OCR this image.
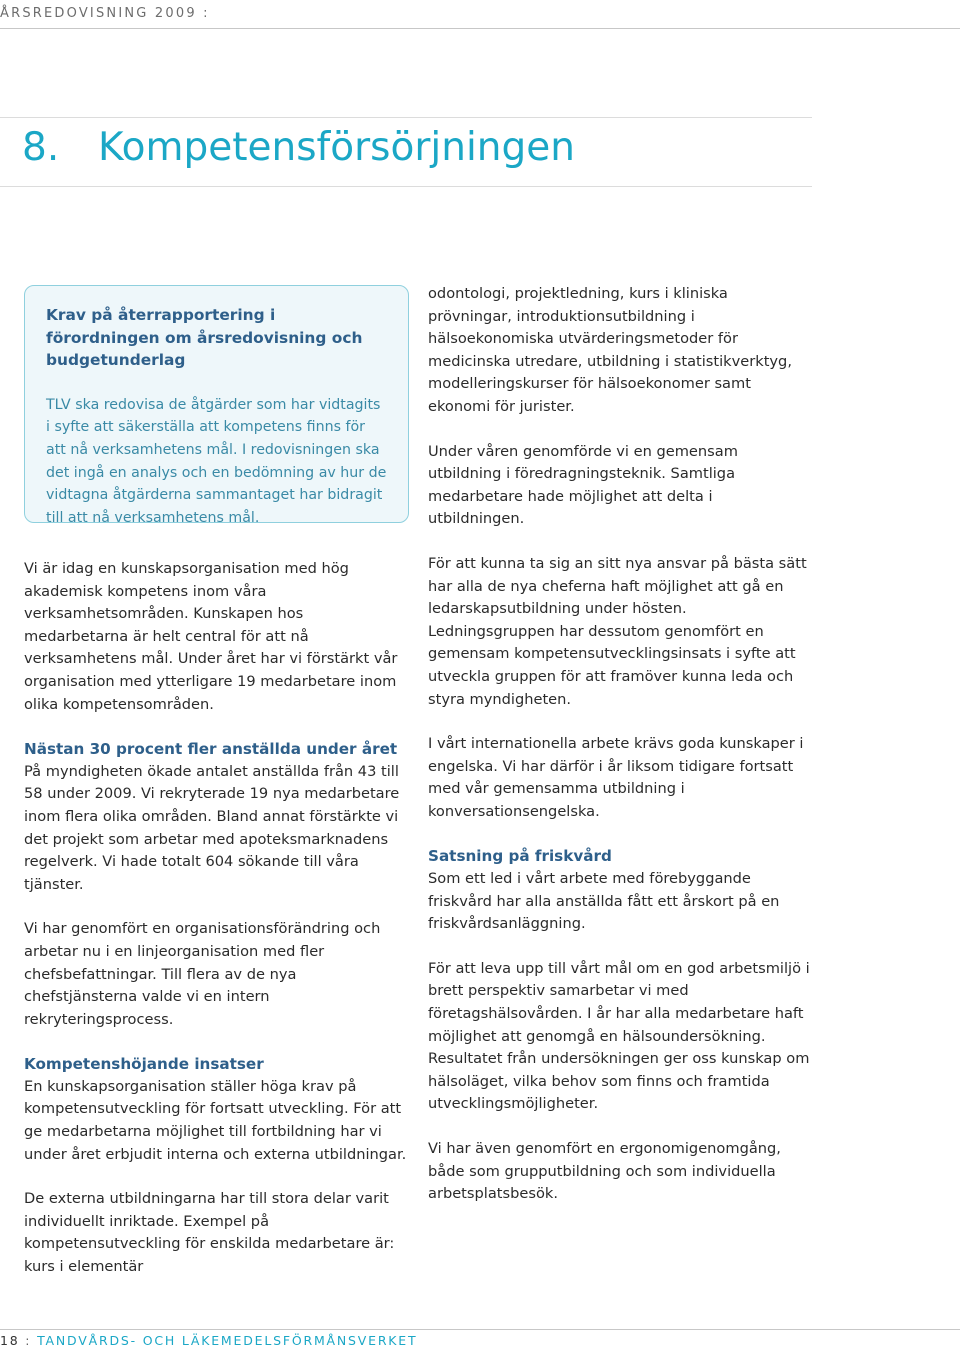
ÅRSREDOVISNING 2009 :
8. Kompetensförsörjningen
Krav på återrapportering i förordningen om årsredovisning och budgetunderlag

TLV ska redovisa de åtgärder som har vidtagits i syfte att säkerställa att kompetens finns för att nå verksamhetens mål. I redovisningen ska det ingå en analys och en bedömning av hur de vidtagna åtgärderna sammantaget har bidragit till att nå verksamhetens mål.

Vi är idag en kunskapsorganisation med hög akademisk kompetens inom våra verksamhetsområden. Kunskapen hos medarbetarna är helt central för att nå verksamhetens mål. Under året har vi förstärkt vår organisation med ytterligare 19 medarbetare inom olika kompetensområden.

Nästan 30 procent fler anställda under året

På myndigheten ökade antalet anställda från 43 till 58 under 2009. Vi rekryterade 19 nya medarbetare inom flera olika områden. Bland annat förstärkte vi det projekt som arbetar med apoteksmarknadens regelverk. Vi hade totalt 604 sökande till våra tjänster.

Vi har genomfört en organisationsförändring och arbetar nu i en linjeorganisation med fler chefsbefattningar. Till flera av de nya chefstjänsterna valde vi en intern rekryteringsprocess.

Kompetenshöjande insatser

En kunskapsorganisation ställer höga krav på kompetensutveckling för fortsatt utveckling. För att ge medarbetarna möjlighet till fortbildning har vi under året erbjudit interna och externa utbildningar.

De externa utbildningarna har till stora delar varit individuellt inriktade. Exempel på kompetensutveckling för enskilda medarbetare är: kurs i elementär

odontologi, projektledning, kurs i kliniska prövningar, introduktionsutbildning i hälsoekonomiska utvärderingsmetoder för medicinska utredare, utbildning i statistikverktyg, modelleringskurser för hälsoekonomer samt ekonomi för jurister.

Under våren genomförde vi en gemensam utbildning i föredragningsteknik. Samtliga medarbetare hade möjlighet att delta i utbildningen.

För att kunna ta sig an sitt nya ansvar på bästa sätt har alla de nya cheferna haft möjlighet att gå en ledarskapsutbildning under hösten. Ledningsgruppen har dessutom genomfört en gemensam kompetensutvecklingsinsats i syfte att utveckla gruppen för att framöver kunna leda och styra myndigheten.

I vårt internationella arbete krävs goda kunskaper i engelska. Vi har därför i år liksom tidigare fortsatt med vår gemensamma utbildning i konversationsengelska.

Satsning på friskvård

Som ett led i vårt arbete med förebyggande friskvård har alla anställda fått ett årskort på en friskvårdsanläggning.

För att leva upp till vårt mål om en god arbetsmiljö i brett perspektiv samarbetar vi med företagshälsovården. I år har alla medarbetare haft möjlighet att genomgå en hälsoundersökning. Resultatet från undersökningen ger oss kunskap om hälsoläget, vilka behov som finns och framtida utvecklingsmöjligheter.

Vi har även genomfört en ergonomigenomgång, både som grupputbildning och som individuella arbetsplatsbesök.

18 : TANDVÅRDS- OCH LÄKEMEDELSFÖRMÅNSVERKET
